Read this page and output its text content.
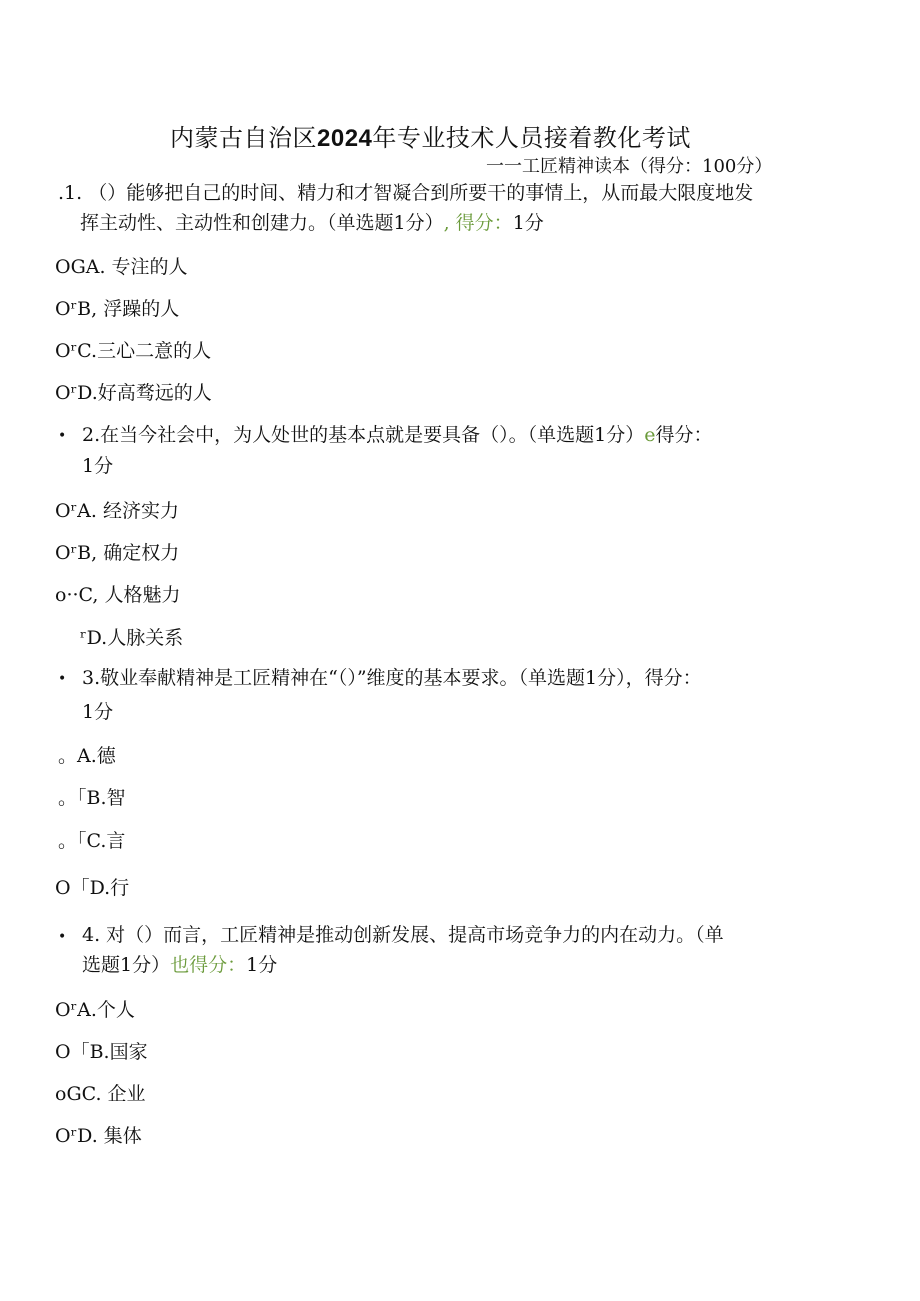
内蒙古自治区2024年专业技术人员接着教化考试
一一工匠精神读本（得分：100分）
.1. （）能够把自己的时间、精力和才智凝合到所要干的事情上，从而最大限度地发
挥主动性、主动性和创建力。（单选题1分）, 得分：1分
OGA. 专注的人
OʳB, 浮躁的人
OʳC.三心二意的人
OʳD.好高骛远的人
• 2.在当今社会中，为人处世的基本点就是要具备（）。（单选题1分）e得分：
1分
OʳA. 经济实力
OʳB, 确定权力
o··C, 人格魅力
ʳD.人脉关系
• 3.敬业奉献精神是工匠精神在“（）”维度的基本要求。（单选题1分），得分：
1分
。A.德
。「B.智
。「C.言
O「D.行
• 4. 对（）而言，工匠精神是推动创新发展、提高市场竞争力的内在动力。（单
选题1分）也得分：1分
OʳA.个人
O「B.国家
oGC. 企业
OʳD. 集体
